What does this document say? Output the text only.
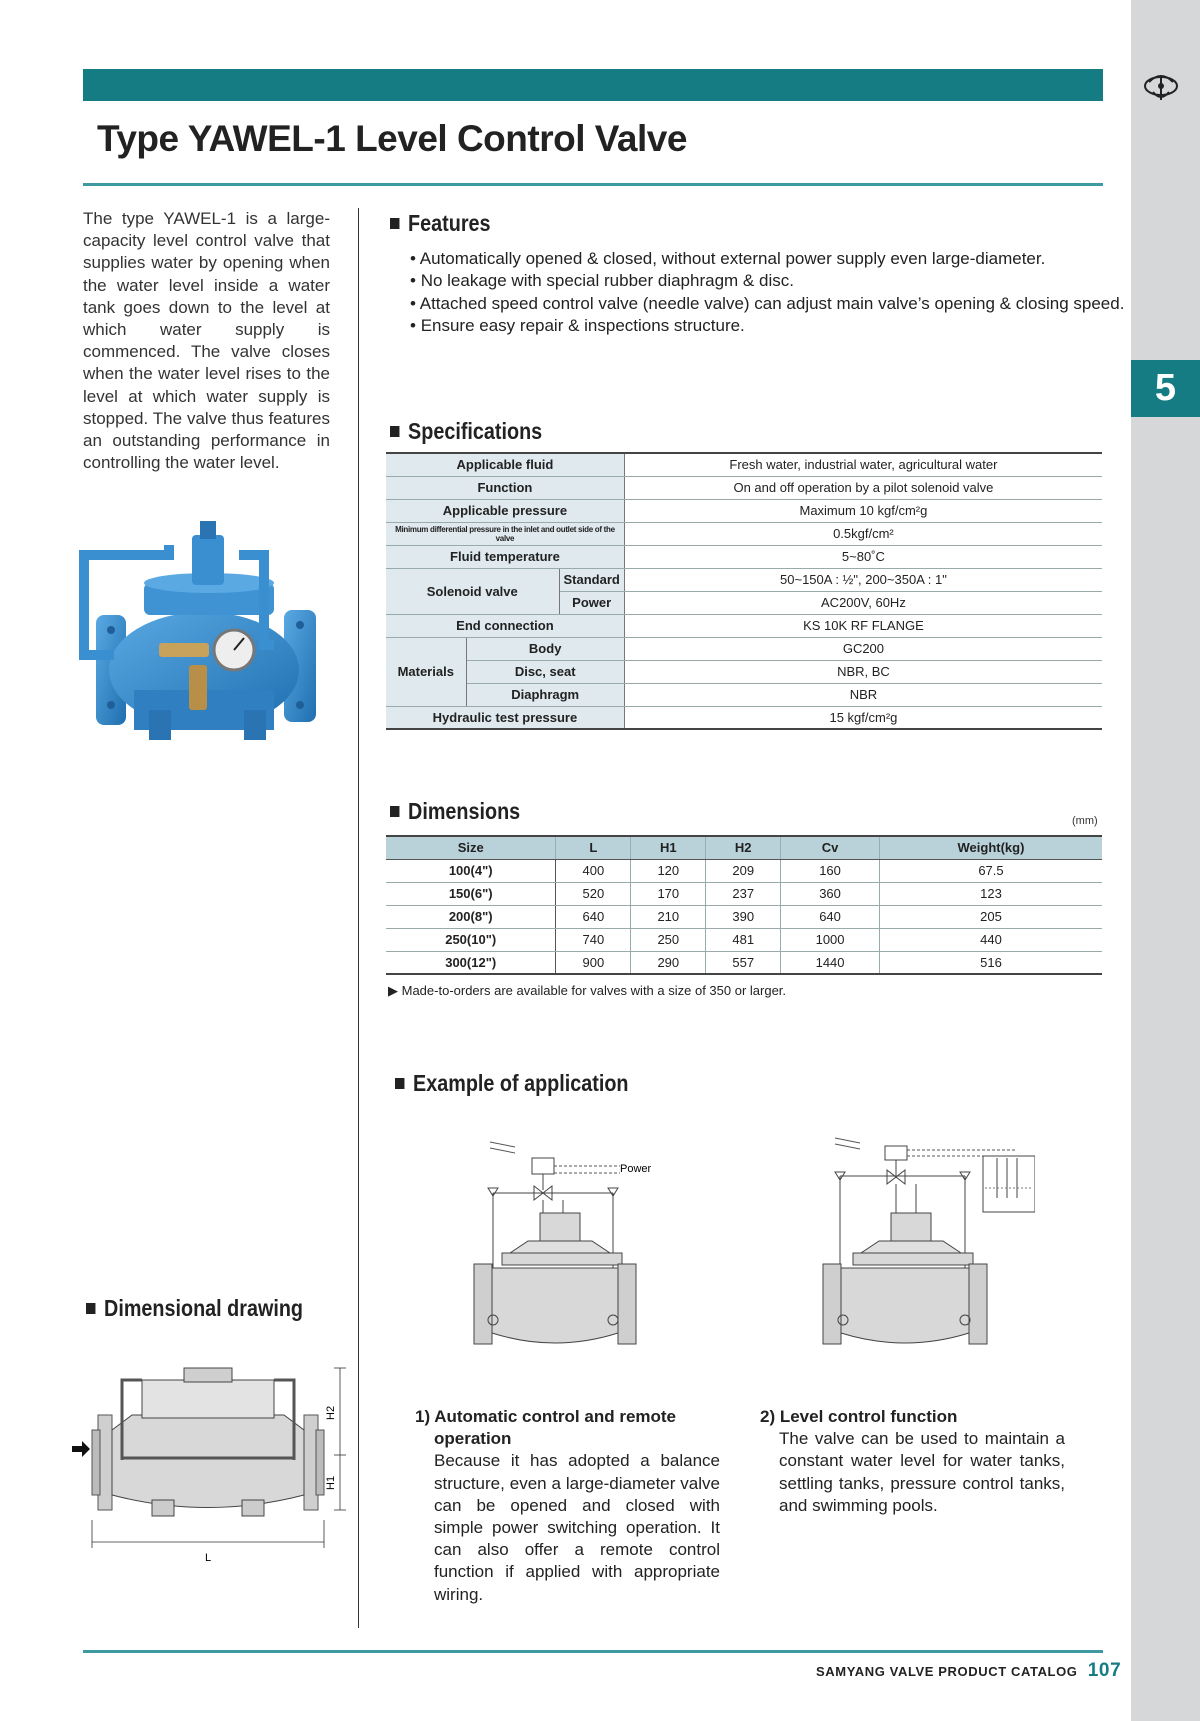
5
Type YAWEL-1 Level Control Valve
The type YAWEL-1 is a large-capacity level control valve that supplies water by opening when the water level inside a water tank goes down to the level at which water supply is commenced. The valve closes when the water level rises to the level at which water supply is stopped. The valve thus features an outstanding performance in controlling the water level.
Dimensional drawing
L
H2
H1
Features
• Automatically opened & closed, without external power supply even large-diameter.
• No leakage with special rubber diaphragm & disc.
• Attached speed control valve (needle valve) can adjust main valve’s opening & closing speed.
• Ensure easy repair & inspections structure.
Specifications
Applicable fluid			Fresh water, industrial water, agricultural water
Function			On and off operation by a pilot solenoid valve
Applicable pressure			Maximum 10 kgf/cm²g
Minimum differential pressure in the inlet and outlet side of the valve			0.5kgf/cm²
Fluid temperature			5~80˚C
Solenoid valve		Standard	50~150A : ½", 200~350A : 1"
		Power	AC200V, 60Hz
End connection			KS 10K RF FLANGE
Materials	Body		GC200
	Disc, seat		NBR, BC
	Diaphragm		NBR
Hydraulic test pressure			15 kgf/cm²g
Dimensions	(mm)
Size	L	H1	H2	Cv	Weight(kg)
100(4")	400	120	209	160	67.5
150(6")	520	170	237	360	123
200(8")	640	210	390	640	205
250(10")	740	250	481	1000	440
300(12")	900	290	557	1440	516
▶ Made-to-orders are available for valves with a size of 350 or larger.
Example of application
Power
1) Automatic control and remote
operation
Because it has adopted a balance structure, even a large-diameter valve can be opened and closed with simple power switching operation. It can also offer a remote control function if applied with appropriate wiring.
2) Level control function
The valve can be used to maintain a constant water level for water tanks, settling tanks, pressure control tanks, and swimming pools.
SAMYANG VALVE PRODUCT CATALOG 107
